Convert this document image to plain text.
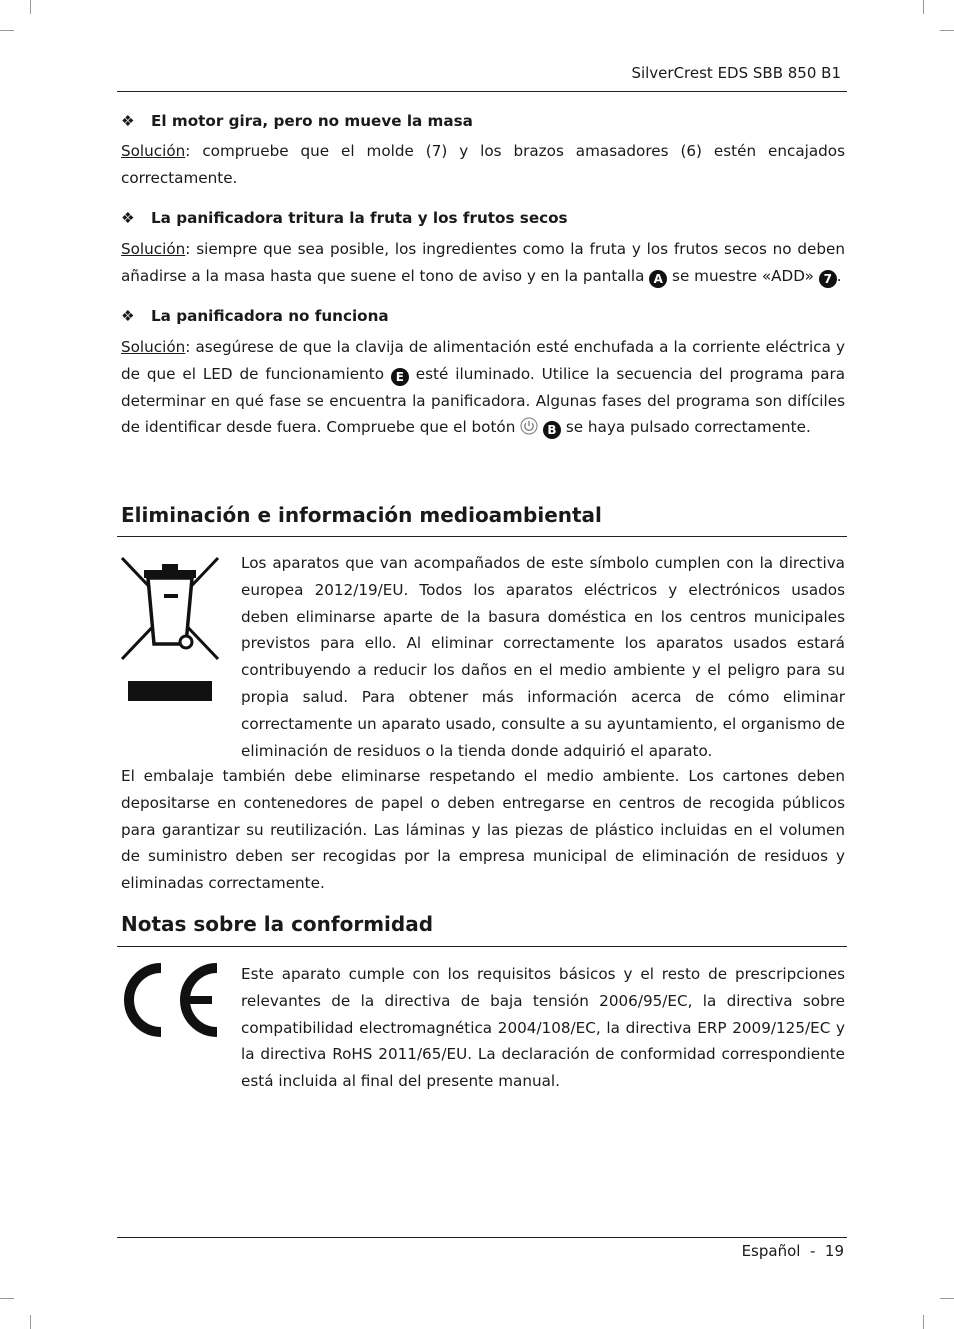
SilverCrest EDS SBB 850 B1
❖ El motor gira, pero no mueve la masa

Solución: compruebe que el molde (7) y los brazos amasadores (6) estén encajados correctamente.

❖ La panificadora tritura la fruta y los frutos secos

Solución: siempre que sea posible, los ingredientes como la fruta y los frutos secos no deben añadirse a la masa hasta que suene el tono de aviso y en la pantalla A se muestre «ADD» 7 .

❖ La panificadora no funciona

Solución: asegúrese de que la clavija de alimentación esté enchufada a la corriente eléctrica y de que el LED de funcionamiento E esté iluminado. Utilice la secuencia del programa para determinar en qué fase se encuentra la panificadora. Algunas fases del programa son difíciles de identificar desde fuera. Compruebe que el botón  B se haya pulsado correctamente.

Eliminación e información medioambiental

Los aparatos que van acompañados de este símbolo cumplen con la directiva europea 2012/19/EU. Todos los aparatos eléctricos y electrónicos usados deben eliminarse aparte de la basura doméstica en los centros municipales previstos para ello. Al eliminar correctamente los aparatos usados estará contribuyendo a reducir los daños en el medio ambiente y el peligro para su propia salud. Para obtener más información acerca de cómo eliminar correctamente un aparato usado, consulte a su ayuntamiento, el organismo de eliminación de residuos o la tienda donde adquirió el aparato.

El embalaje también debe eliminarse respetando el medio ambiente. Los cartones deben depositarse en contenedores de papel o deben entregarse en centros de recogida públicos para garantizar su reutilización. Las láminas y las piezas de plástico incluidas en el volumen de suministro deben ser recogidas por la empresa municipal de eliminación de residuos y eliminadas correctamente.

Notas sobre la conformidad

Este aparato cumple con los requisitos básicos y el resto de prescripciones relevantes de la directiva de baja tensión 2006/95/EC, la directiva sobre compatibilidad electromagnética 2004/108/EC, la directiva ERP 2009/125/EC y la directiva RoHS 2011/65/EU. La declaración de conformidad correspondiente está incluida al final del presente manual.

Español  -  19
